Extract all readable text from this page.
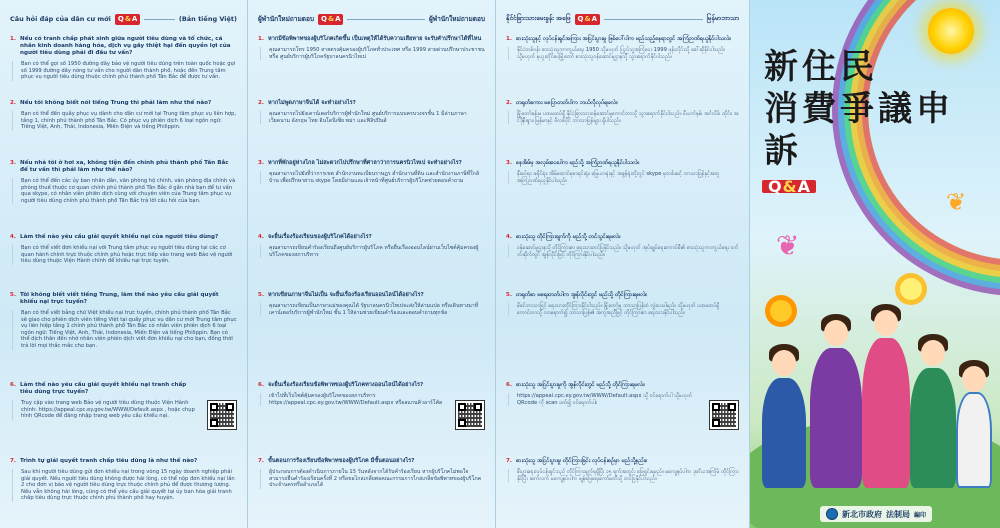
Câu hỏi đáp của dân cư mới Q & A	(Bản tiếng Việt)
1. Nếu có tranh chấp phát sinh giữa người tiêu dùng và tổ chức, cá nhân kinh doanh hàng hóa, dịch vụ gây thiệt hại đến quyền lợi của người tiêu dùng phải đi đâu tư vấn?
Ban có thể gọi số 1950 đường dây bảo vệ người tiêu dùng trên toàn quốc hoặc gọi số 1999 đường dây nóng tư vấn cho người dân thành phố, hoặc đến Trung tâm phục vụ người tiêu dùng thuộc chính phủ thành phố Tân Bắc để được tư vấn.
2. Nếu tôi không biết nói tiếng Trung thì phải làm như thế nào?
Bạn có thể đến quầy phục vụ dành cho dân cư mới tại Trung tâm phục vụ liên hợp, tầng 1, chính phủ thành phố Tân Bắc. Có phục vụ phiên dịch 6 loại ngôn ngữ: Tiếng Việt, Anh, Thái, Indonesia, Miến Điện và tiếng Philippin.
3. Nếu nhà tôi ở hơi xa, không tiện đến chính phủ thành phố Tân Bắc để tư vấn thì phải làm như thế nào?
Bạn có thể đến các ủy ban nhân dân, văn phòng hộ chính, văn phòng địa chính và phòng thuế thuộc cơ quan chính phủ thành phố Tân Bắc ở gần nhà bạn để tư vấn qua skype, có nhân viên phiên dịch cùng với chuyên viên của Trung tâm phục vụ người tiêu dùng chính phủ thành phố Tân Bắc trả lời câu hỏi của bạn.
4. Làm thế nào yêu cầu giải quyết khiếu nại của người tiêu dùng?
Bạn có thể viết đơn khiếu nại với Trung tâm phục vụ người tiêu dùng tại các cơ quan hành chính trực thuộc chính phủ hoặc trực tiếp vào trang web Bảo vệ người tiêu dùng thuộc Viện Hành chính để khiếu nại trực tuyến.
5. Tôi không biết viết tiếng Trung, làm thế nào yêu cầu giải quyết khiếu nại trực tuyến?
Bạn có thể viết bằng chữ Việt khiếu nại trực tuyến, chính phủ thành phố Tân Bắc sẽ giao cho phiên dịch viên tiếng Việt tại quầy phục vụ dân cư mới Trung tâm phục vụ liên hiệp tầng 1 chính phủ thành phố Tân Bắc có nhân viên phiên dịch 6 loại ngôn ngữ: Tiếng Việt, Anh, Thái, Indonesia, Miến Điện và tiếng Philippin. Bạn có thể dịch thân đến nhờ nhân viên phiên dịch viết đơn khiếu nại cho bạn, đồng thời trả lời mọi thắc mắc cho bạn.
6. Làm thế nào yêu cầu giải quyết khiếu nại tranh chấp tiêu dùng trực tuyến?
Truy cập vào trang web Bảo vệ người tiêu dùng thuộc Viện Hành chính: https://appeal.cpc.ey.gov.tw/WWW/Default.aspx , hoặc chụp hình QRcode để đăng nhập trang web yêu cầu khiếu nại.
7. Trình tự giải quyết tranh chấp tiêu dùng là như thế nào?
Sau khi người tiêu dùng gửi đơn khiếu nại trong vòng 15 ngày doanh nghiệp phải giải quyết. Nếu người tiêu dùng không được hài lòng, có thể nộp đơn khiếu nại lần 2 cho đơn vị bảo vệ người tiêu dùng trực thuộc chính phủ để được thương lượng. Nếu vẫn không hài lòng, cũng có thể yêu cầu giải quyết tại ủy ban hòa giải tranh chấp tiêu dùng trực thuộc chính phủ thành phố hay huyện.
ผู้พำนักใหม่ถามตอบ Q & A	ผู้พำนักใหม่ถามตอบ
1. หากมีข้อพิพาทของผู้บริโภคเกิดขึ้น เป็นเหตุให้ได้รับความเสียหาย จะรับคำปรึกษาได้ที่ไหน
คุณสามารถโทร 1950 สายตรงคุ้มครองผู้บริโภคทั่วประเทศ หรือ 1999 สายด่วนปรึกษาประชาชน หรือ ศูนย์บริการผู้บริโภครัฐบาลนครนิวไทเป
2. หากไม่พูดภาษาจีนได้ จะทำอย่างไร?
คุณสามารถไปยังเคาน์เตอร์บริการผู้พำนักใหม่ ศูนย์บริการแบบครบวงจรชั้น 1 มีล่ามภาษาเวียดนาม อังกฤษ ไทย อินโดนีเซีย พม่า และฟิลิปปินส์
3. หากที่พักอยู่ห่างไกล ไม่สะดวกไปปรึกษาที่ศาลาว่าการนครนิวไทเป จะทำอย่างไร?
คุณสามารถไปยังที่ว่าการเขต สำนักงานทะเบียนราษฎร สำนักงานที่ดิน และสำนักงานภาษีที่ใกล้บ้าน เพื่อปรึกษาผ่าน skype โดยมีล่ามและเจ้าหน้าที่ศูนย์บริการผู้บริโภคช่วยตอบคำถาม
4. จะยื่นเรื่องร้องเรียนของผู้บริโภคได้อย่างไร?
คุณสามารถเขียนคำร้องเรียนถึงศูนย์บริการผู้บริโภค หรือยื่นเรื่องออนไลน์ผ่านเว็บไซต์คุ้มครองผู้บริโภคของสภาบริหาร
5. หากเขียนภาษาจีนไม่เป็น จะยื่นเรื่องร้องเรียนออนไลน์ได้อย่างไร?
คุณสามารถเขียนเป็นภาษาแม่ของคุณได้ รัฐบาลนครนิวไทเปจะส่งให้ล่ามแปล หรือเดินทางมาที่เคาน์เตอร์บริการผู้พำนักใหม่ ชั้น 1 ให้ล่ามช่วยเขียนคำร้องและตอบคำถามทุกข้อ
6. จะยื่นเรื่องร้องเรียนข้อพิพาทของผู้บริโภคทางออนไลน์ได้อย่างไร?
เข้าไปที่เว็บไซต์คุ้มครองผู้บริโภคของสภาบริหาร https://appeal.cpc.ey.gov.tw/WWW/Default.aspx หรือสแกนคิวอาร์โค้ด
7. ขั้นตอนการร้องเรียนข้อพิพาทของผู้บริโภค มีขั้นตอนอย่างไร?
ผู้ประกอบการต้องดำเนินการภายใน 15 วันหลังจากได้รับคำร้องเรียน หากผู้บริโภคไม่พอใจ สามารถยื่นคำร้องเรียนครั้งที่ 2 หรือขอไกล่เกลี่ยต่อคณะกรรมการไกล่เกลี่ยข้อพิพาทของผู้บริโภคประจำนครหรืออำเภอได้
နိုင်ငံခြားသားမေးခွန်း အဖြေ Q & A	မြန်မာဘာသာ
1. စားသုံးသူနှင့် လုပ်ငန်းရှင်အကြား အငြင်းပွားမှု ဖြစ်ပေါ်ပါက မည်သည့်နေရာတွင် အကြံဉာဏ်ရယူနိုင်ပါသလဲ။
နိုင်ငံတစ်ဝန်း စားသုံးသူကာကွယ်ရေး 1950 သို့မဟုတ် ပြည်သူ့အကြံပေး 1999 ဖုန်းလိုင်းသို့ ခေါ်ဆိုနိုင်ပါသည်။ သို့မဟုတ် နယူးတိုင်ပေမြို့တော် စားသုံးသူဝန်ဆောင်မှုဌာနသို့ သွားရောက်နိုင်ပါသည်။
2. တရုတ်စကား မပြောတတ်ပါက ဘယ်လိုလုပ်ရမလဲ။
မြို့တော်ခန်းမ ပထမထပ်ရှိ နိုင်ငံခြားသားဝန်ဆောင်မှုကောင်တာသို့ သွားရောက်နိုင်ပါသည်။ ဗီယက်နမ်၊ အင်္ဂလိပ်၊ ထိုင်း၊ အင်ဒိုနီးရှား၊ မြန်မာနှင့် ဖိလစ်ပိုင် ဘာသာပြန်များ ရှိပါသည်။
3. နေအိမ်မှ အလှမ်းဝေးပါက မည်သို့ အကြံဉာဏ်ရယူနိုင်ပါသလဲ။
နီးစပ်ရာ ခရိုင်ရုံး၊ အိမ်ထောင်စုစာရင်းရုံး၊ မြေယာရုံးနှင့် အခွန်ရုံးတို့တွင် skype မှတစ်ဆင့် ဘာသာပြန်နှင့်အတူ အကြံဉာဏ်ရယူနိုင်ပါသည်။
4. စားသုံးသူ တိုင်ကြားချက်ကို မည်သို့ တင်သွင်းရမလဲ။
ဝန်ဆောင်မှုဌာနသို့ တိုင်ကြားစာ ရေးသားတင်ပြနိုင်သည်။ သို့မဟုတ် အုပ်ချုပ်ရေးကောင်စီ၏ စားသုံးသူကာကွယ်ရေး ဝက်ဘ်ဆိုက်တွင် အွန်လိုင်းဖြင့် တိုင်ကြားနိုင်ပါသည်။
5. တရုတ်စာ မရေးတတ်ပါက အွန်လိုင်းတွင် မည်သို့ တိုင်ကြားရမလဲ။
မိခင်ဘာသာဖြင့် ရေးသားတိုင်ကြားနိုင်ပါသည်။ မြို့တော်မှ ဘာသာပြန်ထံ လွှဲပေးပါမည်။ သို့မဟုတ် ပထမထပ်ရှိ ကောင်တာသို့ လာရောက်၍ ဘာသာပြန်၏ အကူအညီဖြင့် တိုင်ကြားစာ ရေးသားနိုင်ပါသည်။
6. စားသုံးသူ အငြင်းပွားမှုကို အွန်လိုင်းတွင် မည်သို့ တိုင်ကြားရမလဲ။
https://appeal.cpc.ey.gov.tw/WWW/Default.aspx သို့ ဝင်ရောက်ပါ သို့မဟုတ် QRcode ကို scan ဖတ်၍ ဝင်ရောက်ပါ။
7. စားသုံးသူ အငြင်းပွားမှု တိုင်ကြားခြင်း လုပ်ငန်းစဉ်မှာ မည်သို့နည်း။
စီးပွားရေးလုပ်ငန်းရှင်သည် တိုင်ကြားချက်ရရှိပြီး ၁၅ ရက်အတွင်း ဖြေရှင်းရမည်။ မကျေနပ်ပါက ဒုတိယအကြိမ် တိုင်ကြားနိုင်ပြီး ဆက်လက် မကျေနပ်ပါက ဖျန်ဖြေရေးကော်မတီသို့ တင်ပြနိုင်ပါသည်။
新住民
消費爭議申訴
Q & A
❦
❦
新北市政府 法制局 編印
